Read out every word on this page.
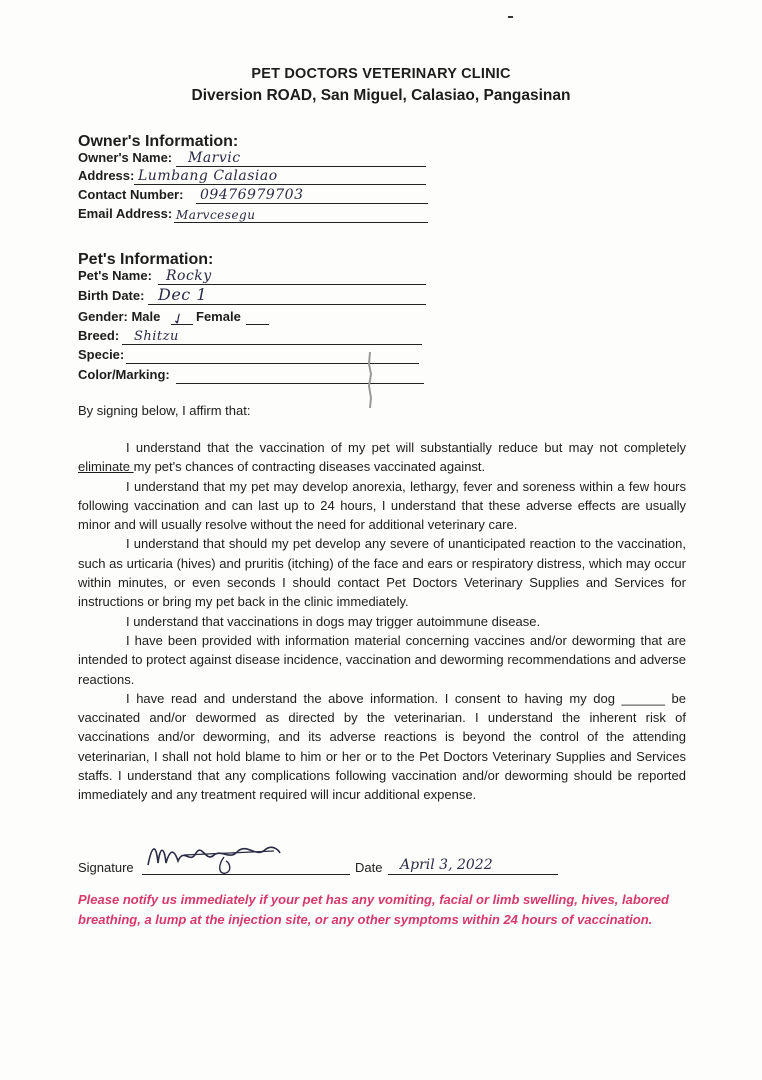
PET DOCTORS VETERINARY CLINIC
Diversion ROAD, San Miguel, Calasiao, Pangasinan
Owner's Information:
Owner's Name: Marvic
Address: Lumbang Calasiao
Contact Number: 09476979703
Email Address: Marvcesegu
Pet's Information:
Pet's Name: Rocky
Birth Date: Dec 1
Gender: Male	Female
✓
Breed: Shitzu
Specie:
Color/Marking:
By signing below, I affirm that:

I understand that the vaccination of my pet will substantially reduce but may not completely eliminate my pet's chances of contracting diseases vaccinated against.

I understand that my pet may develop anorexia, lethargy, fever and soreness within a few hours following vaccination and can last up to 24 hours, I understand that these adverse effects are usually minor and will usually resolve without the need for additional veterinary care.

I understand that should my pet develop any severe of unanticipated reaction to the vaccination, such as urticaria (hives) and pruritis (itching) of the face and ears or respiratory distress, which may occur within minutes, or even seconds I should contact Pet Doctors Veterinary Supplies and Services for instructions or bring my pet back in the clinic immediately.

I understand that vaccinations in dogs may trigger autoimmune disease.

I have been provided with information material concerning vaccines and/or deworming that are intended to protect against disease incidence, vaccination and deworming recommendations and adverse reactions.

I have read and understand the above information. I consent to having my dog ______ be vaccinated and/or dewormed as directed by the veterinarian. I understand the inherent risk of vaccinations and/or deworming, and its adverse reactions is beyond the control of the attending veterinarian, I shall not hold blame to him or her or to the Pet Doctors Veterinary Supplies and Services staffs. I understand that any complications following vaccination and/or deworming should be reported immediately and any treatment required will incur additional expense.

Signature	Date April 3, 2022
Please notify us immediately if your pet has any vomiting, facial or limb swelling, hives, labored breathing, a lump at the injection site, or any other symptoms within 24 hours of vaccination.
